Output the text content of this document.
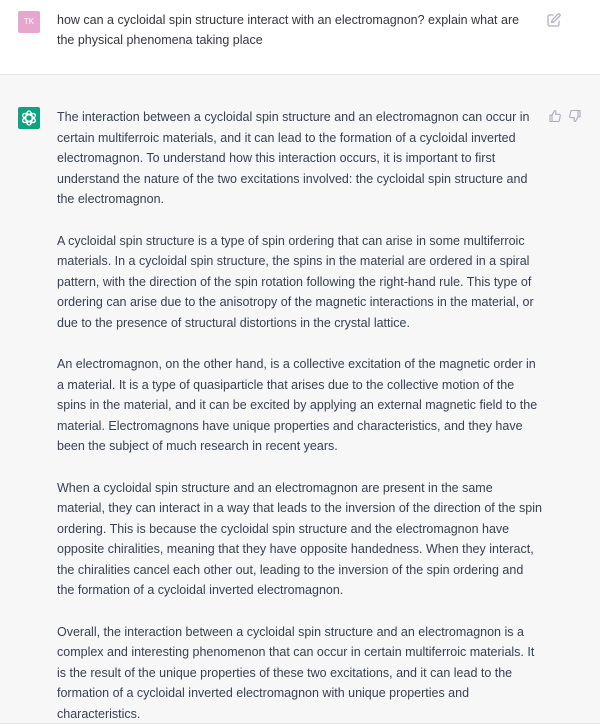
TK	how can a cycloidal spin structure interact with an electromagnon? explain what are the physical phenomena taking place

The interaction between a cycloidal spin structure and an electromagnon can occur in certain multiferroic materials, and it can lead to the formation of a cycloidal inverted electromagnon. To understand how this interaction occurs, it is important to first understand the nature of the two excitations involved: the cycloidal spin structure and the electromagnon.

A cycloidal spin structure is a type of spin ordering that can arise in some multiferroic materials. In a cycloidal spin structure, the spins in the material are ordered in a spiral pattern, with the direction of the spin rotation following the right-hand rule. This type of ordering can arise due to the anisotropy of the magnetic interactions in the material, or due to the presence of structural distortions in the crystal lattice.

An electromagnon, on the other hand, is a collective excitation of the magnetic order in a material. It is a type of quasiparticle that arises due to the collective motion of the spins in the material, and it can be excited by applying an external magnetic field to the material. Electromagnons have unique properties and characteristics, and they have been the subject of much research in recent years.

When a cycloidal spin structure and an electromagnon are present in the same material, they can interact in a way that leads to the inversion of the direction of the spin ordering. This is because the cycloidal spin structure and the electromagnon have opposite chiralities, meaning that they have opposite handedness. When they interact, the chiralities cancel each other out, leading to the inversion of the spin ordering and the formation of a cycloidal inverted electromagnon.

Overall, the interaction between a cycloidal spin structure and an electromagnon is a complex and interesting phenomenon that can occur in certain multiferroic materials. It is the result of the unique properties of these two excitations, and it can lead to the formation of a cycloidal inverted electromagnon with unique properties and characteristics.
